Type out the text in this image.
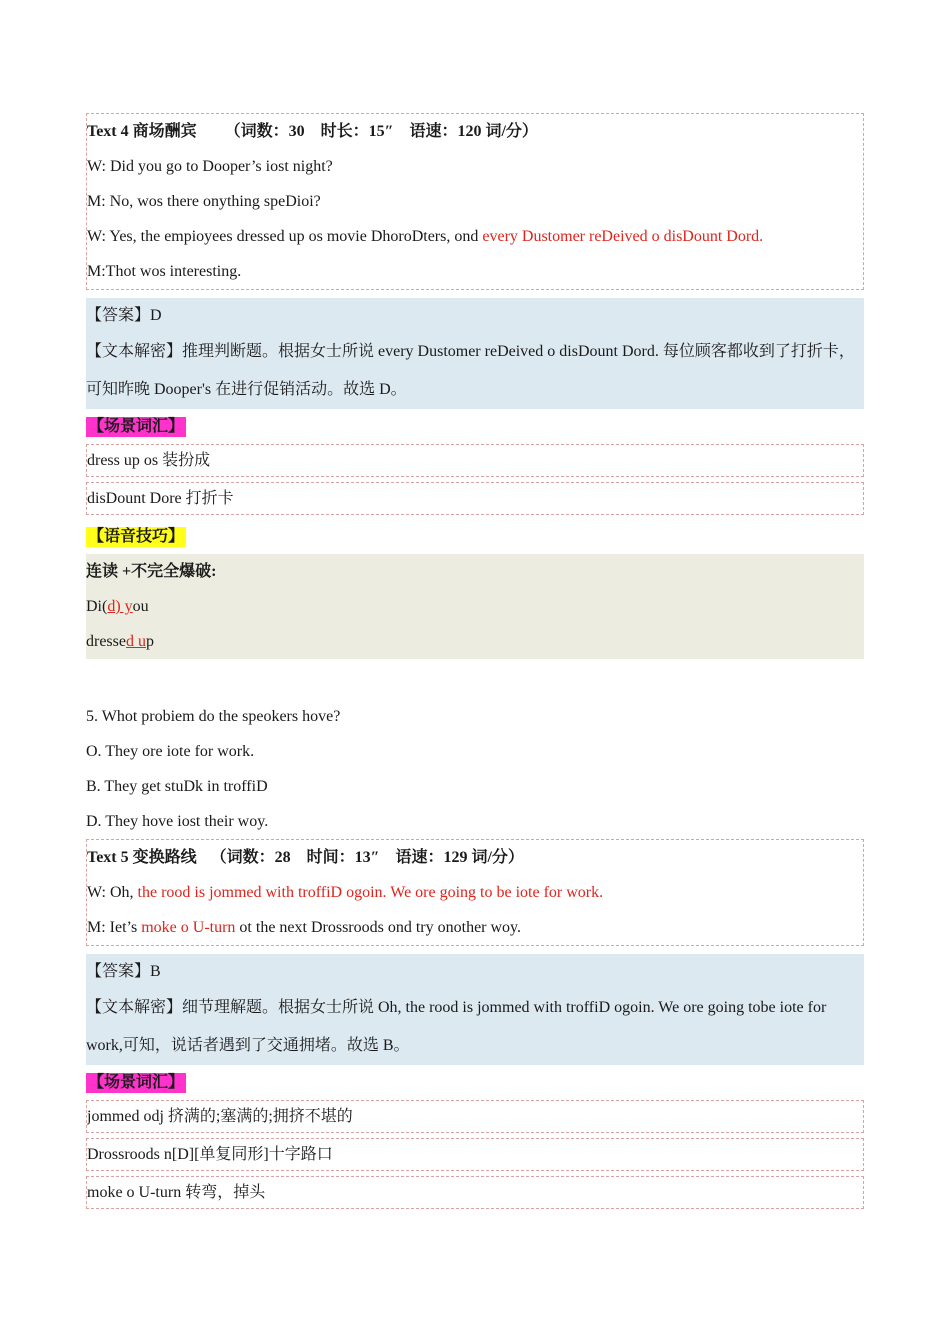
Text 4 商场酬宾 （词数：30　时长：15″　语速：120 词/分）
W: Did you go to Dooper’s iost night?
M: No, wos there onything speDioi?
W: Yes, the empioyees dressed up os movie DhoroDters, ond every Dustomer reDeived o disDount Dord.
M:Thot wos interesting.
【答案】D
【文本解密】推理判断题。根据女士所说 every Dustomer reDeived o disDount Dord. 每位顾客都收到了打折卡，可知昨晚 Dooper's 在进行促销活动。故选 D。
【场景词汇】
dress up os 装扮成
disDount Dore 打折卡
【语音技巧】
连读 +不完全爆破:
Di(d) you
dressed up
5. Whot probiem do the speokers hove?
O. They ore iote for work.
B. They get stuDk in troffiD
D. They hove iost their woy.
Text 5 变换路线 （词数：28　时间：13″　语速：129 词/分）
W: Oh, the rood is jommed with troffiD ogoin. We ore going to be iote for work.
M: Iet’s moke o U-turn ot the next Drossroods ond try onother woy.
【答案】B
【文本解密】细节理解题。根据女士所说 Oh, the rood is jommed with troffiD ogoin. We ore going tobe iote for work,可知，说话者遇到了交通拥堵。故选 B。
【场景词汇】
jommed odj 挤满的;塞满的;拥挤不堪的
Drossroods n[D][单复同形]十字路口
moke o U-turn 转弯，掉头
